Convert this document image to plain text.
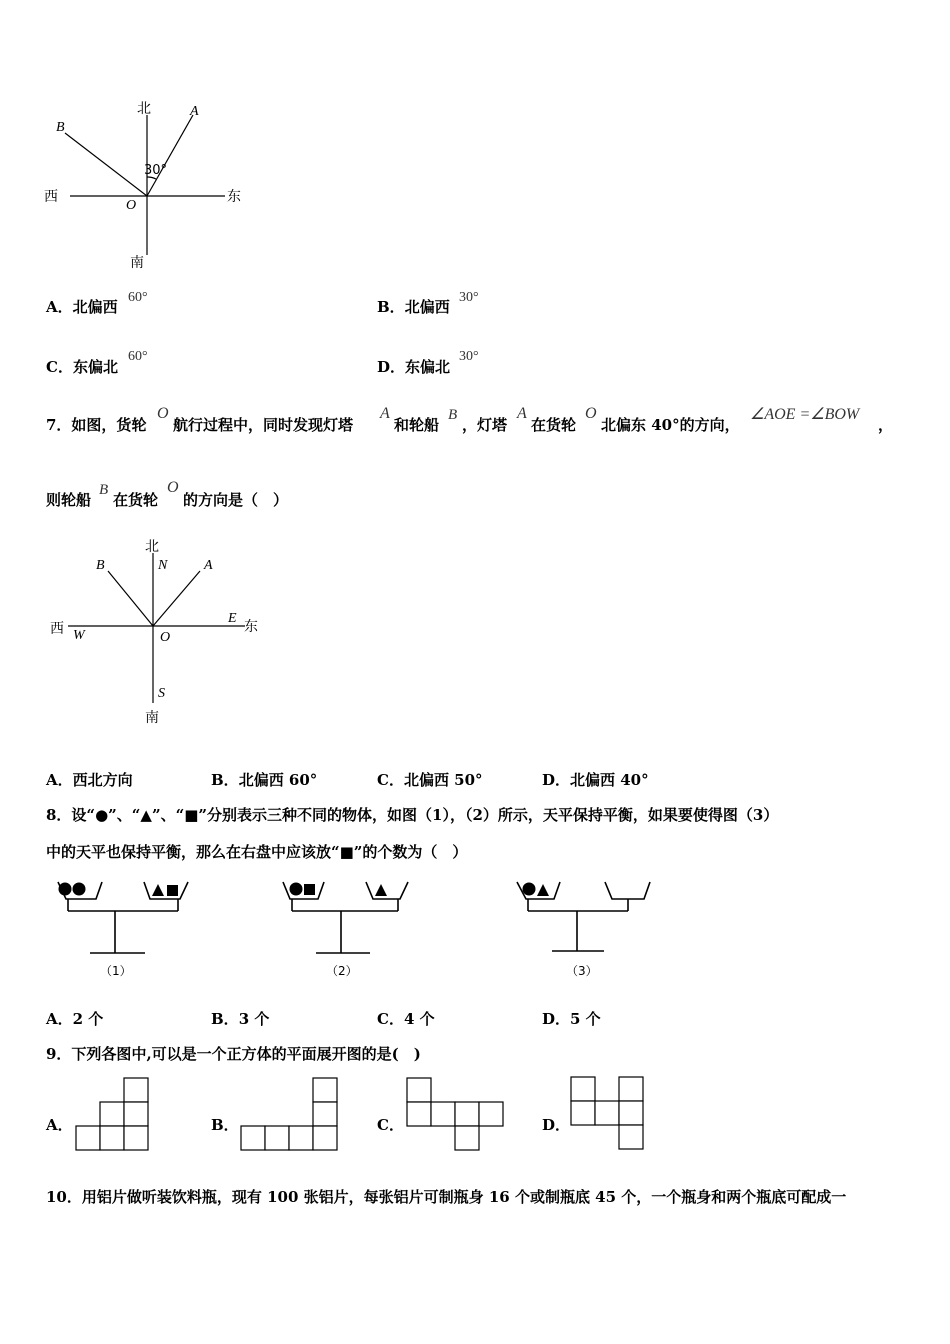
北
南
东
西
B
A
O
30°
A．北偏西
60°
B．北偏西
30°
C．东偏北
60°
D．东偏北
30°
7．如图，货轮
O
航行过程中，同时发现灯塔
A
和轮船
B
，灯塔
A
在货轮
O
北偏东 40°的方向，
∠AOE =∠BOW
，
则轮船
B
在货轮
O
的方向是（　）
北
南
东
西
N
S
E
W
B	A
O
A．西北方向	B．北偏西 60°	C．北偏西 50°	D．北偏西 40°
8．设“●”、“▲”、“■”分别表示三种不同的物体，如图（1），（2）所示，天平保持平衡，如果要使得图（3）
中的天平也保持平衡，那么在右盘中应该放“■”的个数为（　）
（1）	（2）	（3）
A．2 个	B．3 个	C．4 个	D．5 个
9．下列各图中,可以是一个正方体的平面展开图的是(　)
A．	B．	C．	D．
10．用铝片做听装饮料瓶，现有 100 张铝片，每张铝片可制瓶身 16 个或制瓶底 45 个，一个瓶身和两个瓶底可配成一
